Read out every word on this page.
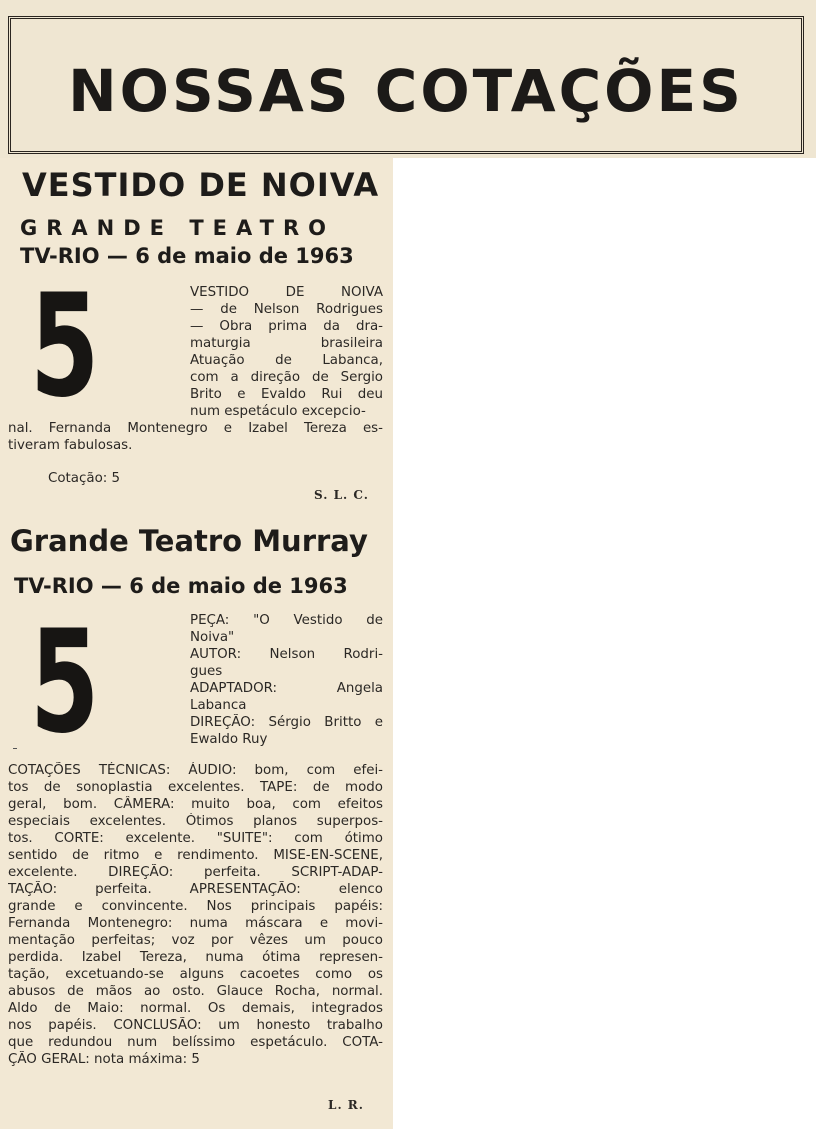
NOSSAS COTAÇÕES
VESTIDO DE NOIVA
GRANDE TEATRO
TV-RIO — 6 de maio de 1963
5	VESTIDO DE NOIVA
— de Nelson Rodrigues
— Obra prima da dra-
maturgia brasileira
Atuação de Labanca,
com a direção de Sergio
Brito e Evaldo Rui deu
num espetáculo excepcio-
nal. Fernanda Montenegro e Izabel Tereza es-
tiveram fabulosas.
Cotação: 5
S. L. C.
Grande Teatro Murray
TV-RIO — 6 de maio de 1963
5	PEÇA: "O Vestido de
Noiva"
AUTOR: Nelson Rodri-
gues
ADAPTADOR: Angela
Labanca
DIREÇÃO: Sérgio Britto e
Ewaldo Ruy
COTAÇÕES TÉCNICAS: ÁUDIO: bom, com efei-
tos de sonoplastia excelentes. TAPE: de modo
geral, bom. CÂMERA: muito boa, com efeitos
especiais excelentes. Ótimos planos superpos-
tos. CORTE: excelente. "SUITE": com ótimo
sentido de ritmo e rendimento. MISE-EN-SCENE,
excelente. DIREÇÃO: perfeita. SCRIPT-ADAP-
TAÇÃO: perfeita. APRESENTAÇÃO: elenco
grande e convincente. Nos principais papéis:
Fernanda Montenegro: numa máscara e movi-
mentação perfeitas; voz por vêzes um pouco
perdida. Izabel Tereza, numa ótima represen-
tação, excetuando-se alguns cacoetes como os
abusos de mãos ao osto. Glauce Rocha, normal.
Aldo de Maio: normal. Os demais, integrados
nos papéis. CONCLUSÃO: um honesto trabalho
que redundou num belíssimo espetáculo. COTA-
ÇÃO GERAL: nota máxima: 5
L. R.
